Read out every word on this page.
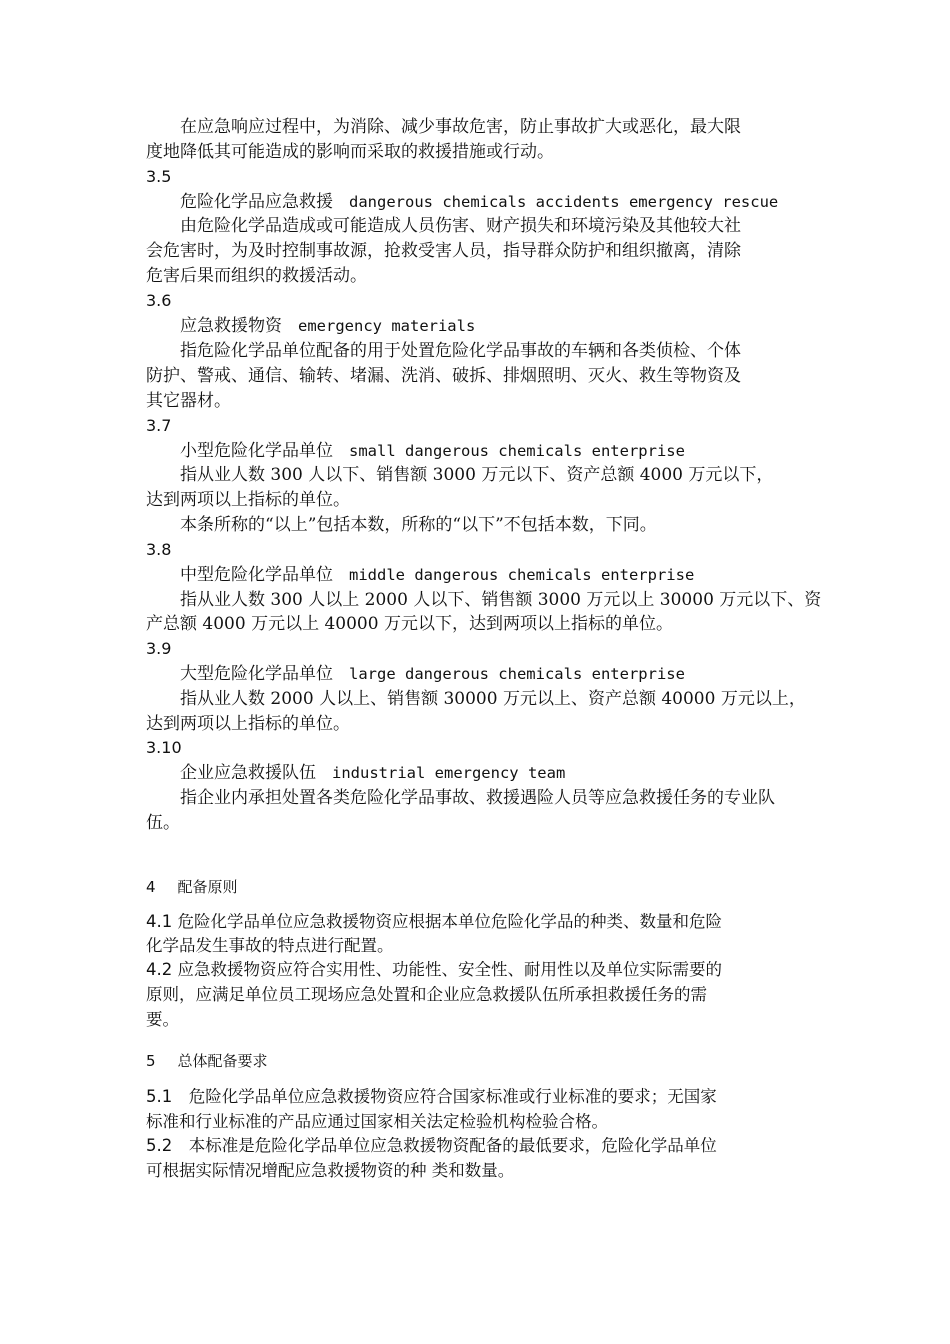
在应急响应过程中，为消除、减少事故危害，防止事故扩大或恶化，最大限
度地降低其可能造成的影响而采取的救援措施或行动。
3.5
危险化学品应急救援 dangerous chemicals accidents emergency rescue
由危险化学品造成或可能造成人员伤害、财产损失和环境污染及其他较大社
会危害时，为及时控制事故源，抢救受害人员，指导群众防护和组织撤离，清除
危害后果而组织的救援活动。
3.6
应急救援物资 emergency materials
指危险化学品单位配备的用于处置危险化学品事故的车辆和各类侦检、个体
防护、警戒、通信、输转、堵漏、洗消、破拆、排烟照明、灭火、救生等物资及
其它器材。
3.7
小型危险化学品单位 small dangerous chemicals enterprise
指从业人数 300 人以下、销售额 3000 万元以下、资产总额 4000 万元以下，
达到两项以上指标的单位。
本条所称的“以上”包括本数，所称的“以下”不包括本数，下同。
3.8
中型危险化学品单位 middle dangerous chemicals enterprise
指从业人数 300 人以上 2000 人以下、销售额 3000 万元以上 30000 万元以下、资
产总额 4000 万元以上 40000 万元以下，达到两项以上指标的单位。
3.9
大型危险化学品单位 large dangerous chemicals enterprise
指从业人数 2000 人以上、销售额 30000 万元以上、资产总额 40000 万元以上，
达到两项以上指标的单位。
3.10
企业应急救援队伍 industrial emergency team
指企业内承担处置各类危险化学品事故、救援遇险人员等应急救援任务的专业队
伍。
4 配备原则
4.1 危险化学品单位应急救援物资应根据本单位危险化学品的种类、数量和危险
化学品发生事故的特点进行配置。
4.2 应急救援物资应符合实用性、功能性、安全性、耐用性以及单位实际需要的
原则，应满足单位员工现场应急处置和企业应急救援队伍所承担救援任务的需
要。
5 总体配备要求
5.1　危险化学品单位应急救援物资应符合国家标准或行业标准的要求；无国家
标准和行业标准的产品应通过国家相关法定检验机构检验合格。
5.2　本标准是危险化学品单位应急救援物资配备的最低要求，危险化学品单位
可根据实际情况增配应急救援物资的种 类和数量。
